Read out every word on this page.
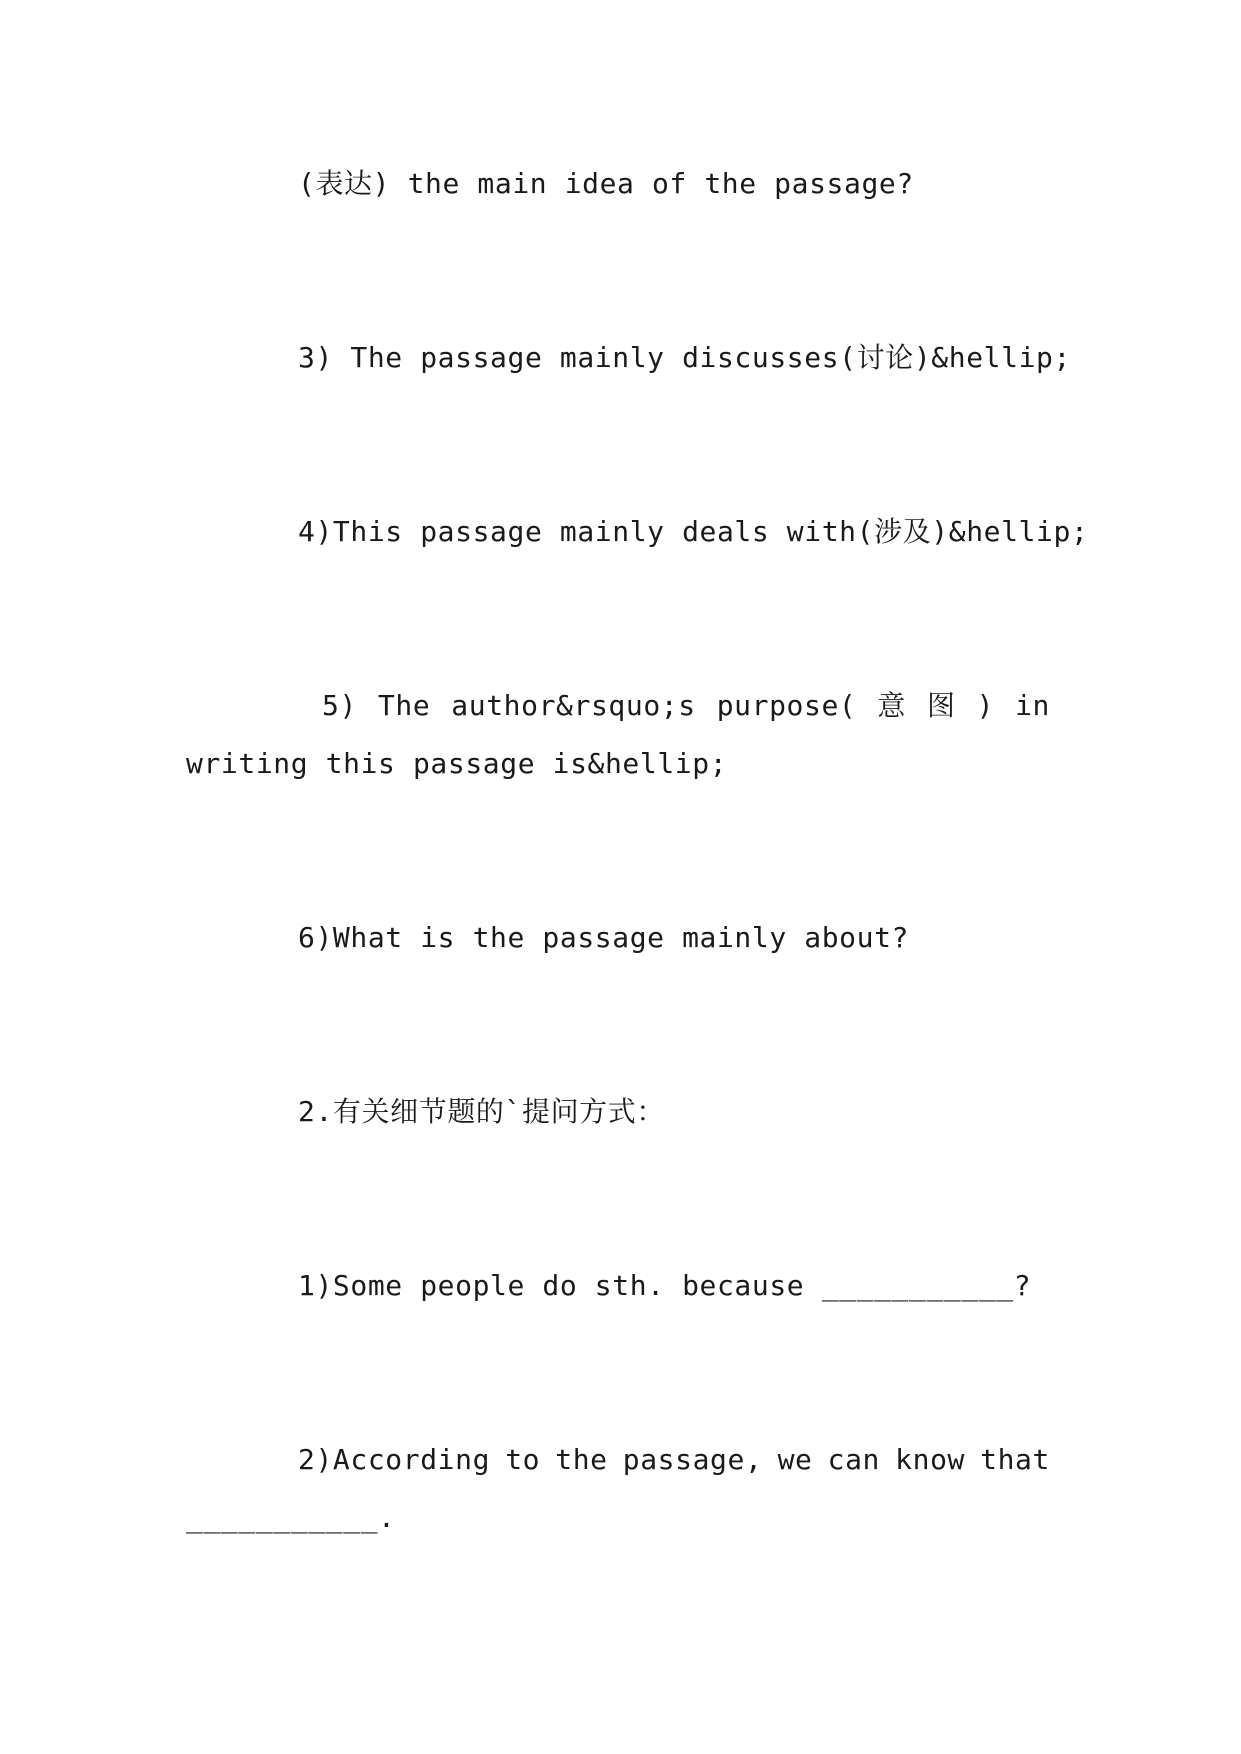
(表达) the main idea of the passage?
3) The passage mainly discusses(讨论)&hellip;
4)This passage mainly deals with(涉及)&hellip;
5) The author&rsquo;s purpose( 意 图 ) in
writing this passage is&hellip;
6)What is the passage mainly about?
2.有关细节题的`提问方式：
1)Some people do sth. because ___________?
2)According to the passage, we can know that
___________.
